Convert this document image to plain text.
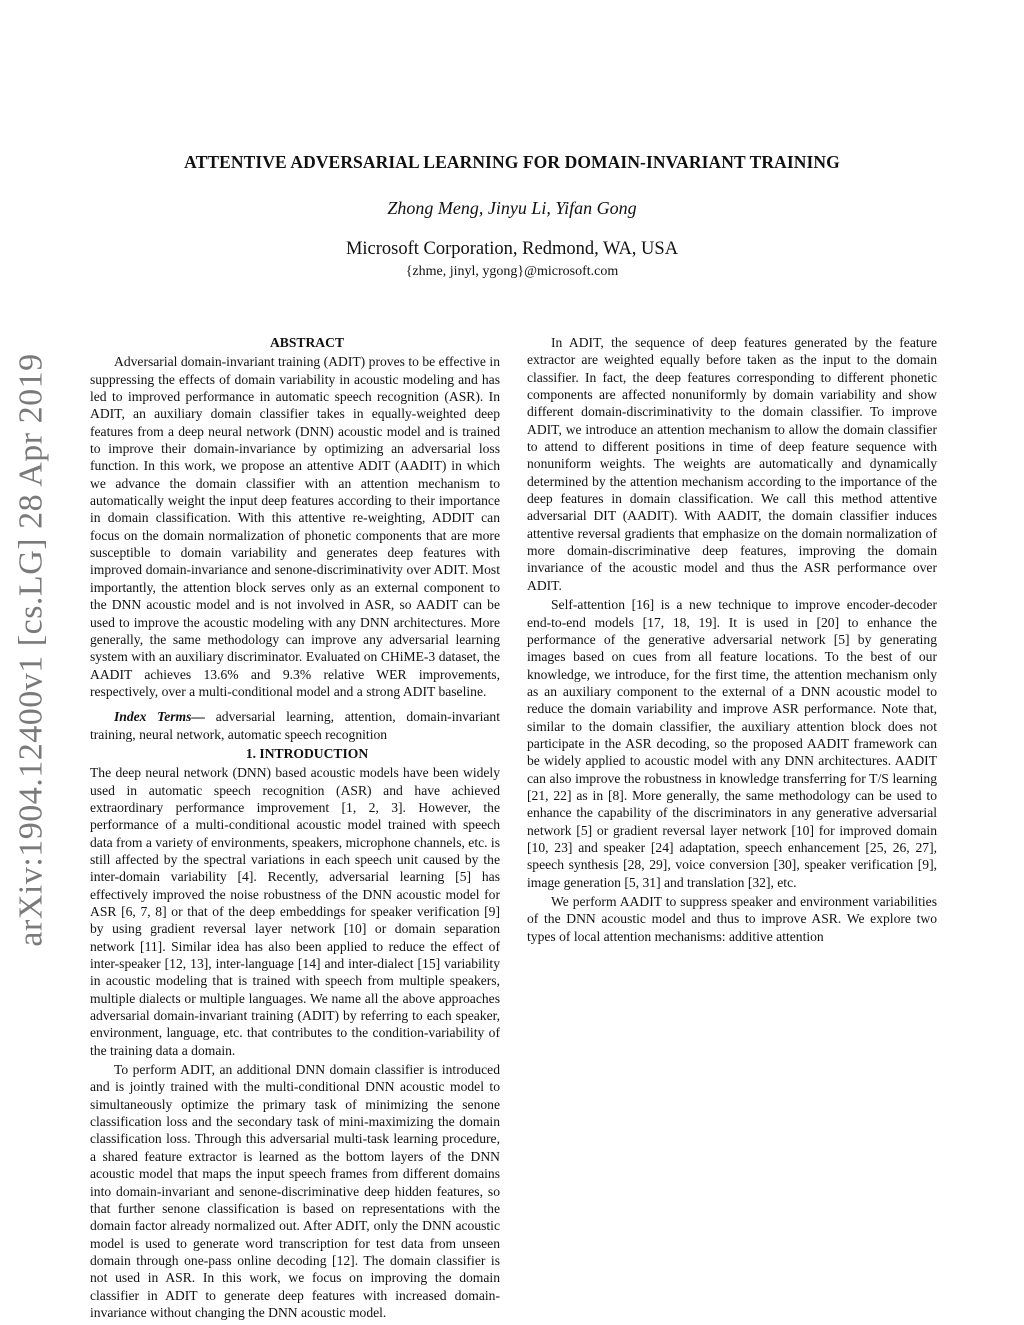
arXiv:1904.12400v1 [cs.LG] 28 Apr 2019
ATTENTIVE ADVERSARIAL LEARNING FOR DOMAIN-INVARIANT TRAINING
Zhong Meng, Jinyu Li, Yifan Gong
Microsoft Corporation, Redmond, WA, USA
{zhme, jinyl, ygong}@microsoft.com

ABSTRACT

Adversarial domain-invariant training (ADIT) proves to be effective in suppressing the effects of domain variability in acoustic modeling and has led to improved performance in automatic speech recognition (ASR). In ADIT, an auxiliary domain classifier takes in equally-weighted deep features from a deep neural network (DNN) acoustic model and is trained to improve their domain-invariance by optimizing an adversarial loss function. In this work, we propose an attentive ADIT (AADIT) in which we advance the domain classifier with an attention mechanism to automatically weight the input deep features according to their importance in domain classification. With this attentive re-weighting, ADDIT can focus on the domain normalization of phonetic components that are more susceptible to domain variability and generates deep features with improved domain-invariance and senone-discriminativity over ADIT. Most importantly, the attention block serves only as an external component to the DNN acoustic model and is not involved in ASR, so AADIT can be used to improve the acoustic modeling with any DNN architectures. More generally, the same methodology can improve any adversarial learning system with an auxiliary discriminator. Evaluated on CHiME-3 dataset, the AADIT achieves 13.6% and 9.3% relative WER improvements, respectively, over a multi-conditional model and a strong ADIT baseline.

Index Terms— adversarial learning, attention, domain-invariant training, neural network, automatic speech recognition

1. INTRODUCTION

The deep neural network (DNN) based acoustic models have been widely used in automatic speech recognition (ASR) and have achieved extraordinary performance improvement [1, 2, 3]. However, the performance of a multi-conditional acoustic model trained with speech data from a variety of environments, speakers, microphone channels, etc. is still affected by the spectral variations in each speech unit caused by the inter-domain variability [4]. Recently, adversarial learning [5] has effectively improved the noise robustness of the DNN acoustic model for ASR [6, 7, 8] or that of the deep embeddings for speaker verification [9] by using gradient reversal layer network [10] or domain separation network [11]. Similar idea has also been applied to reduce the effect of inter-speaker [12, 13], inter-language [14] and inter-dialect [15] variability in acoustic modeling that is trained with speech from multiple speakers, multiple dialects or multiple languages. We name all the above approaches adversarial domain-invariant training (ADIT) by referring to each speaker, environment, language, etc. that contributes to the condition-variability of the training data a domain.

To perform ADIT, an additional DNN domain classifier is introduced and is jointly trained with the multi-conditional DNN acoustic model to simultaneously optimize the primary task of minimizing the senone classification loss and the secondary task of mini-maximizing the domain classification loss. Through this adversarial multi-task learning procedure, a shared feature extractor is learned as the bottom layers of the DNN acoustic model that maps the input speech frames from different domains into domain-invariant and senone-discriminative deep hidden features, so that further senone classification is based on representations with the domain factor already normalized out. After ADIT, only the DNN acoustic model is used to generate word transcription for test data from unseen domain through one-pass online decoding [12]. The domain classifier is not used in ASR. In this work, we focus on improving the domain classifier in ADIT to generate deep features with increased domain-invariance without changing the DNN acoustic model.

In ADIT, the sequence of deep features generated by the feature extractor are weighted equally before taken as the input to the domain classifier. In fact, the deep features corresponding to different phonetic components are affected nonuniformly by domain variability and show different domain-discriminativity to the domain classifier. To improve ADIT, we introduce an attention mechanism to allow the domain classifier to attend to different positions in time of deep feature sequence with nonuniform weights. The weights are automatically and dynamically determined by the attention mechanism according to the importance of the deep features in domain classification. We call this method attentive adversarial DIT (AADIT). With AADIT, the domain classifier induces attentive reversal gradients that emphasize on the domain normalization of more domain-discriminative deep features, improving the domain invariance of the acoustic model and thus the ASR performance over ADIT.

Self-attention [16] is a new technique to improve encoder-decoder end-to-end models [17, 18, 19]. It is used in [20] to enhance the performance of the generative adversarial network [5] by generating images based on cues from all feature locations. To the best of our knowledge, we introduce, for the first time, the attention mechanism only as an auxiliary component to the external of a DNN acoustic model to reduce the domain variability and improve ASR performance. Note that, similar to the domain classifier, the auxiliary attention block does not participate in the ASR decoding, so the proposed AADIT framework can be widely applied to acoustic model with any DNN architectures. AADIT can also improve the robustness in knowledge transferring for T/S learning [21, 22] as in [8]. More generally, the same methodology can be used to enhance the capability of the discriminators in any generative adversarial network [5] or gradient reversal layer network [10] for improved domain [10, 23] and speaker [24] adaptation, speech enhancement [25, 26, 27], speech synthesis [28, 29], voice conversion [30], speaker verification [9], image generation [5, 31] and translation [32], etc.

We perform AADIT to suppress speaker and environment variabilities of the DNN acoustic model and thus to improve ASR. We explore two types of local attention mechanisms: additive attention
